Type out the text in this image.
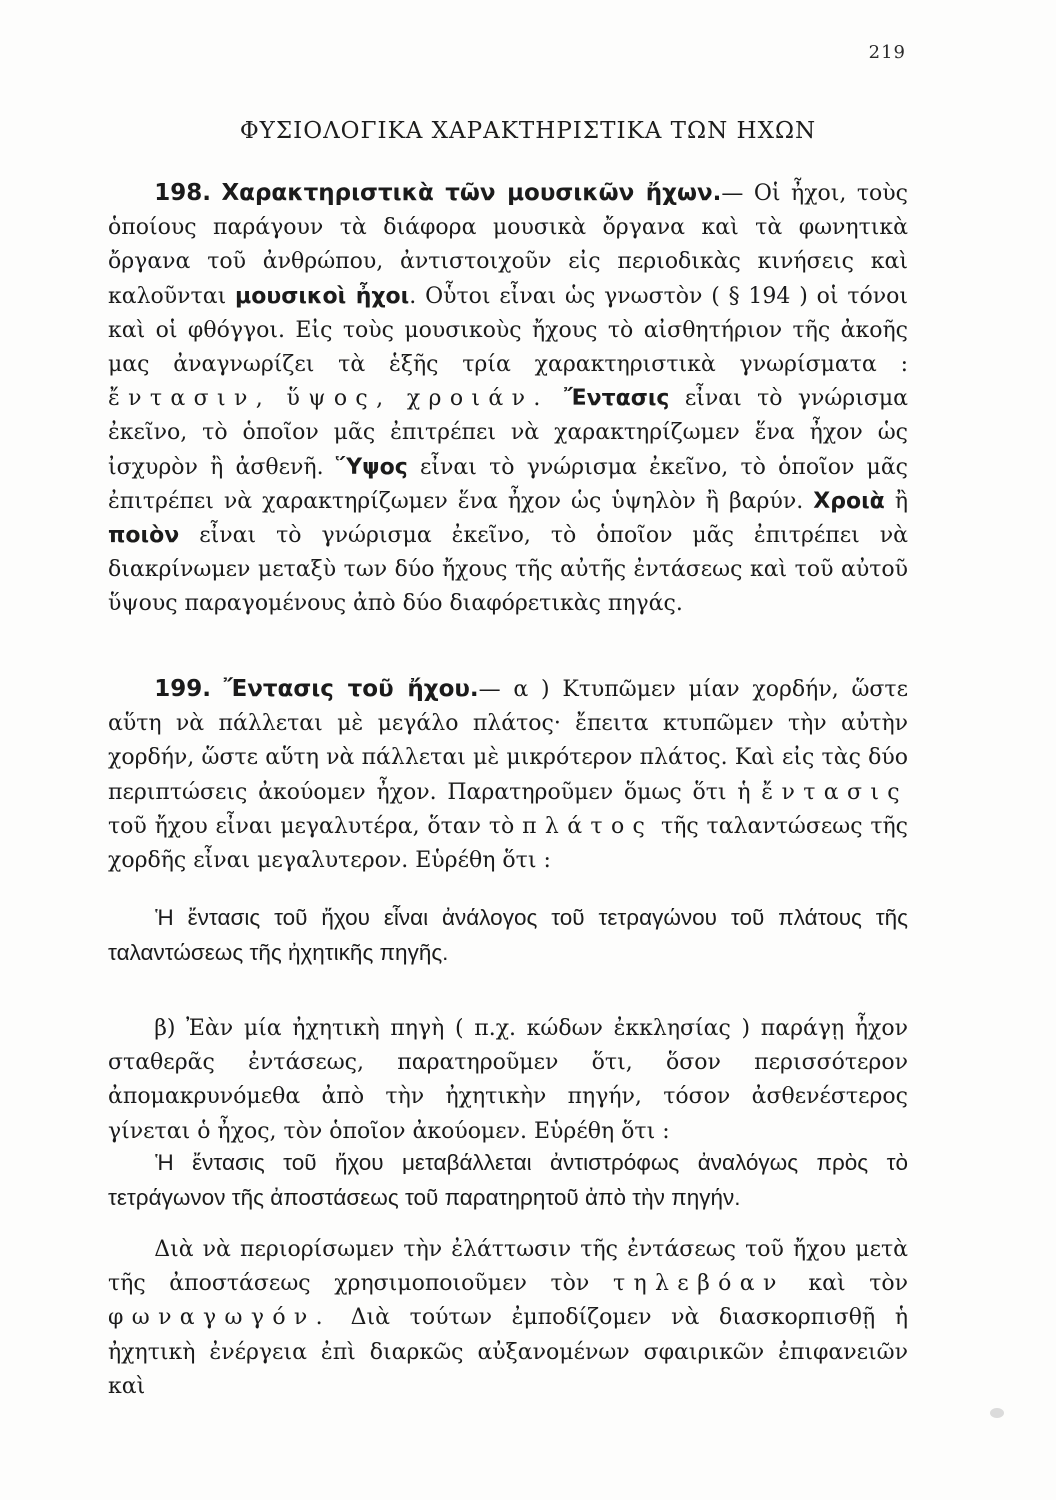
219
ΦΥΣΙΟΛΟΓΙΚΑ ΧΑΡΑΚΤΗΡΙΣΤΙΚΑ ΤΩΝ ΗΧΩΝ

198. Χαρακτηριστικὰ τῶν μουσικῶν ἤχων.— Οἱ ἦχοι, τοὺς ὁποίους παράγουν τὰ διάφορα μουσικὰ ὄργανα καὶ τὰ φωνητικὰ ὄργανα τοῦ ἀνθρώπου, ἀντιστοιχοῦν εἰς περιοδικὰς κινήσεις καὶ καλοῦνται μουσικοὶ ἦχοι. Οὗτοι εἶναι ὡς γνωστὸν ( § 194 ) οἱ τόνοι καὶ οἱ φθόγγοι. Εἰς τοὺς μουσικοὺς ἤχους τὸ αἰσθητήριον τῆς ἀκοῆς μας ἀναγνωρίζει τὰ ἑξῆς τρία χαρακτηριστικὰ γνωρίσματα : ἔντασιν, ὕψος, χροιάν. Ἔντασις εἶναι τὸ γνώρισμα ἐκεῖνο, τὸ ὁποῖον μᾶς ἐπιτρέπει νὰ χαρακτηρίζωμεν ἕνα ἦχον ὡς ἰσχυρὸν ἢ ἀσθενῆ. Ὕψος εἶναι τὸ γνώρισμα ἐκεῖνο, τὸ ὁποῖον μᾶς ἐπιτρέπει νὰ χαρακτηρίζωμεν ἕνα ἦχον ὡς ὑψηλὸν ἢ βαρύν. Χροιὰ ἢ ποιὸν εἶναι τὸ γνώρισμα ἐκεῖνο, τὸ ὁποῖον μᾶς ἐπιτρέπει νὰ διακρίνωμεν μεταξὺ των δύο ἤχους τῆς αὐτῆς ἐντάσεως καὶ τοῦ αὐτοῦ ὕψους παραγομένους ἀπὸ δύο διαφόρετικὰς πηγάς.

199. Ἔντασις τοῦ ἤχου.— α ) Κτυπῶμεν μίαν χορδήν, ὥστε αὕτη νὰ πάλλεται μὲ μεγάλο πλάτος· ἔπειτα κτυπῶμεν τὴν αὐτὴν χορδήν, ὥστε αὕτη νὰ πάλλεται μὲ μικρότερον πλάτος. Καὶ εἰς τὰς δύο περιπτώσεις ἀκούομεν ἦχον. Παρατηροῦμεν ὅμως ὅτι ἡ ἔντασις τοῦ ἤχου εἶναι μεγαλυτέρα, ὅταν τὸ πλάτος τῆς ταλαντώσεως τῆς χορδῆς εἶναι μεγαλυτερον. Εὑρέθη ὅτι :

Ἡ ἔντασις τοῦ ἤχου εἶναι ἀνάλογος τοῦ τετραγώνου τοῦ πλάτους τῆς ταλαντώσεως τῆς ἠχητικῆς πηγῆς.

β) Ἐὰν μία ἠχητικὴ πηγὴ ( π.χ. κώδων ἐκκλησίας ) παράγῃ ἦχον σταθερᾶς ἐντάσεως, παρατηροῦμεν ὅτι, ὅσον περισσότερον ἀπομακρυνόμεθα ἀπὸ τὴν ἠχητικὴν πηγήν, τόσον ἀσθενέστερος γίνεται ὁ ἦχος, τὸν ὁποῖον ἀκούομεν. Εὑρέθη ὅτι :

Ἡ ἔντασις τοῦ ἤχου μεταβάλλεται ἀντιστρόφως ἀναλόγως πρὸς τὸ τετράγωνον τῆς ἀποστάσεως τοῦ παρατηρητοῦ ἀπὸ τὴν πηγήν.

Διὰ νὰ περιορίσωμεν τὴν ἐλάττωσιν τῆς ἐντάσεως τοῦ ἤχου μετὰ τῆς ἀποστάσεως χρησιμοποιοῦμεν τὸν τηλεβόαν καὶ τὸν φωναγωγόν. Διὰ τούτων ἐμποδίζομεν νὰ διασκορπισθῇ ἡ ἠχητικὴ ἐνέργεια ἐπὶ διαρκῶς αὐξανομένων σφαιρικῶν ἐπιφανειῶν καὶ
